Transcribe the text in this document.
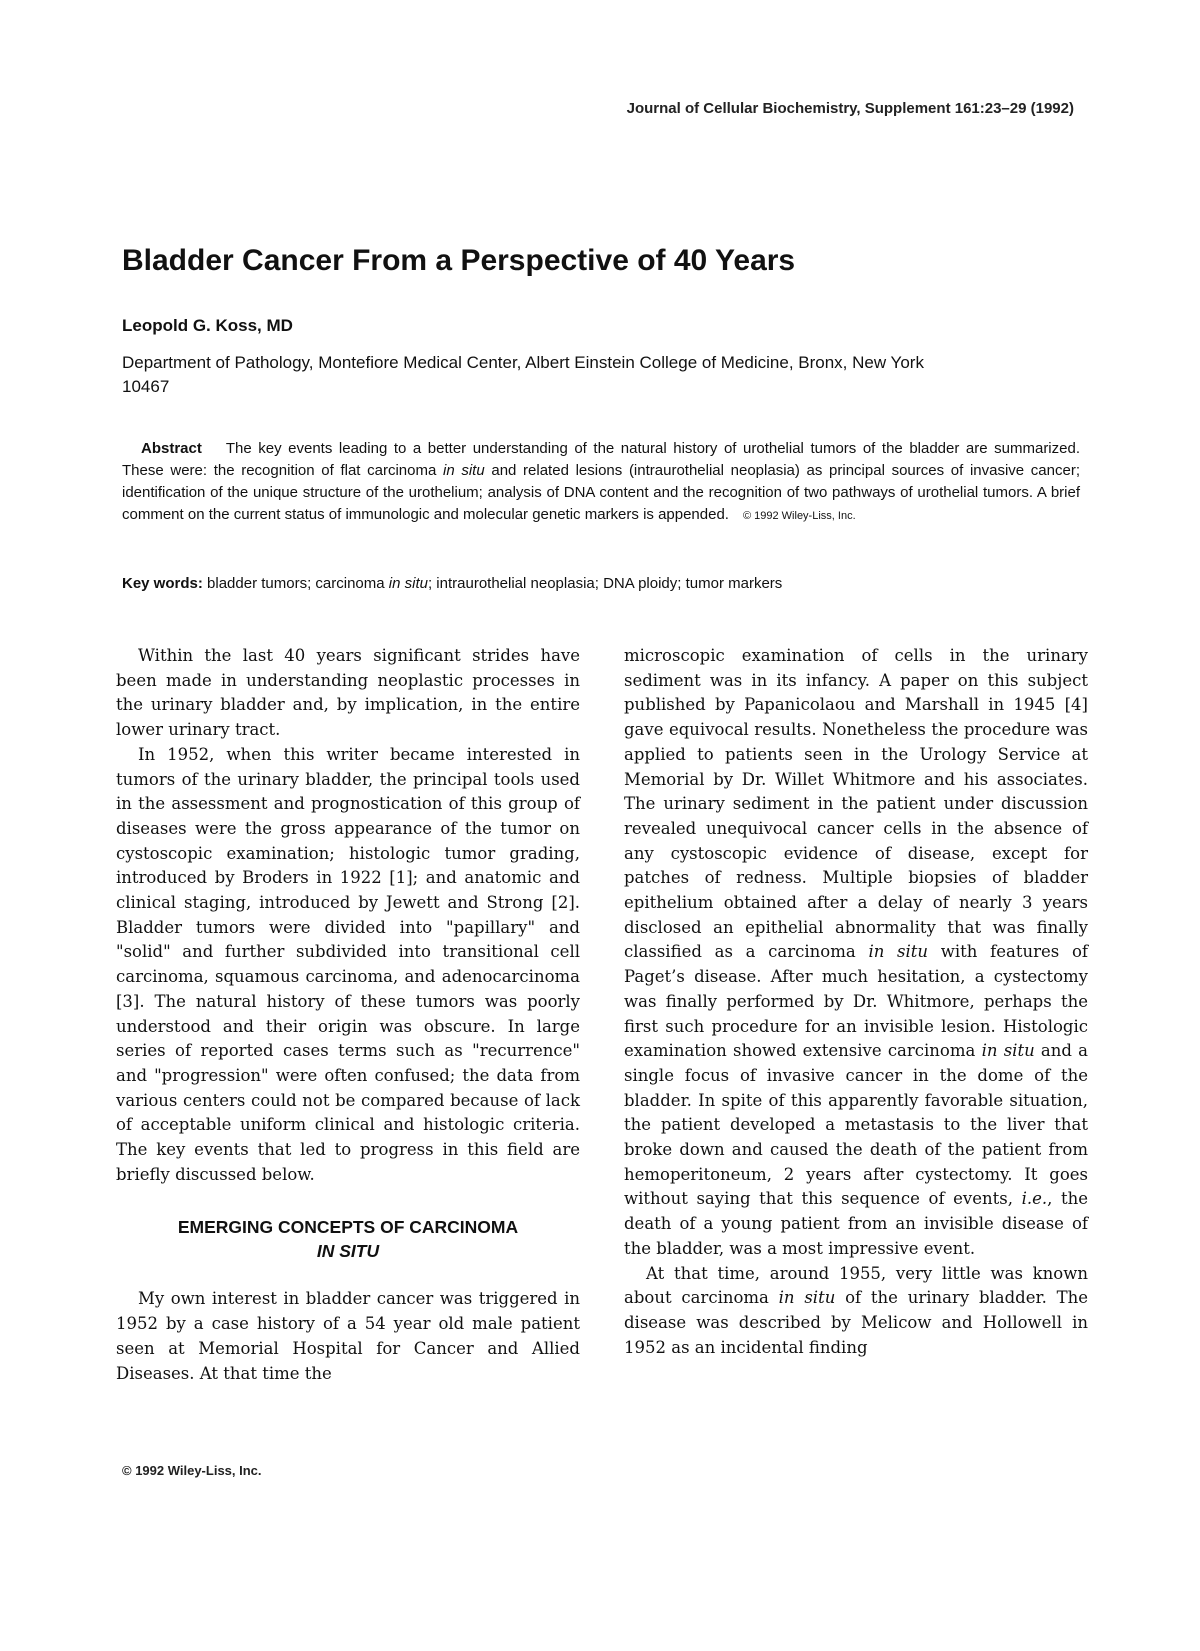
Journal of Cellular Biochemistry, Supplement 161:23–29 (1992)
Bladder Cancer From a Perspective of 40 Years
Leopold G. Koss, MD
Department of Pathology, Montefiore Medical Center, Albert Einstein College of Medicine, Bronx, New York
10467
Abstract The key events leading to a better understanding of the natural history of urothelial tumors of the bladder are summarized. These were: the recognition of flat carcinoma in situ and related lesions (intraurothelial neoplasia) as principal sources of invasive cancer; identification of the unique structure of the urothelium; analysis of DNA content and the recognition of two pathways of urothelial tumors. A brief comment on the current status of immunologic and molecular genetic markers is appended. © 1992 Wiley-Liss, Inc.
Key words: bladder tumors; carcinoma in situ; intraurothelial neoplasia; DNA ploidy; tumor markers

Within the last 40 years significant strides have been made in understanding neoplastic processes in the urinary bladder and, by implication, in the entire lower urinary tract.

In 1952, when this writer became interested in tumors of the urinary bladder, the principal tools used in the assessment and prognostication of this group of diseases were the gross appearance of the tumor on cystoscopic examination; histologic tumor grading, introduced by Broders in 1922 [1]; and anatomic and clinical staging, introduced by Jewett and Strong [2]. Bladder tumors were divided into "papillary" and "solid" and further subdivided into transitional cell carcinoma, squamous carcinoma, and adenocarcinoma [3]. The natural history of these tumors was poorly understood and their origin was obscure. In large series of reported cases terms such as "recurrence" and "progression" were often confused; the data from various centers could not be compared because of lack of acceptable uniform clinical and histologic criteria. The key events that led to progress in this field are briefly discussed below.

EMERGING CONCEPTS OF CARCINOMA
IN SITU

My own interest in bladder cancer was triggered in 1952 by a case history of a 54 year old male patient seen at Memorial Hospital for Cancer and Allied Diseases. At that time the

microscopic examination of cells in the urinary sediment was in its infancy. A paper on this subject published by Papanicolaou and Marshall in 1945 [4] gave equivocal results. Nonetheless the procedure was applied to patients seen in the Urology Service at Memorial by Dr. Willet Whitmore and his associates. The urinary sediment in the patient under discussion revealed unequivocal cancer cells in the absence of any cystoscopic evidence of disease, except for patches of redness. Multiple biopsies of bladder epithelium obtained after a delay of nearly 3 years disclosed an epithelial abnormality that was finally classified as a carcinoma in situ with features of Paget’s disease. After much hesitation, a cystectomy was finally performed by Dr. Whitmore, perhaps the first such procedure for an invisible lesion. Histologic examination showed extensive carcinoma in situ and a single focus of invasive cancer in the dome of the bladder. In spite of this apparently favorable situation, the patient developed a metastasis to the liver that broke down and caused the death of the patient from hemoperitoneum, 2 years after cystectomy. It goes without saying that this sequence of events, i.e., the death of a young patient from an invisible disease of the bladder, was a most impressive event.

At that time, around 1955, very little was known about carcinoma in situ of the urinary bladder. The disease was described by Melicow and Hollowell in 1952 as an incidental finding

© 1992 Wiley-Liss, Inc.
